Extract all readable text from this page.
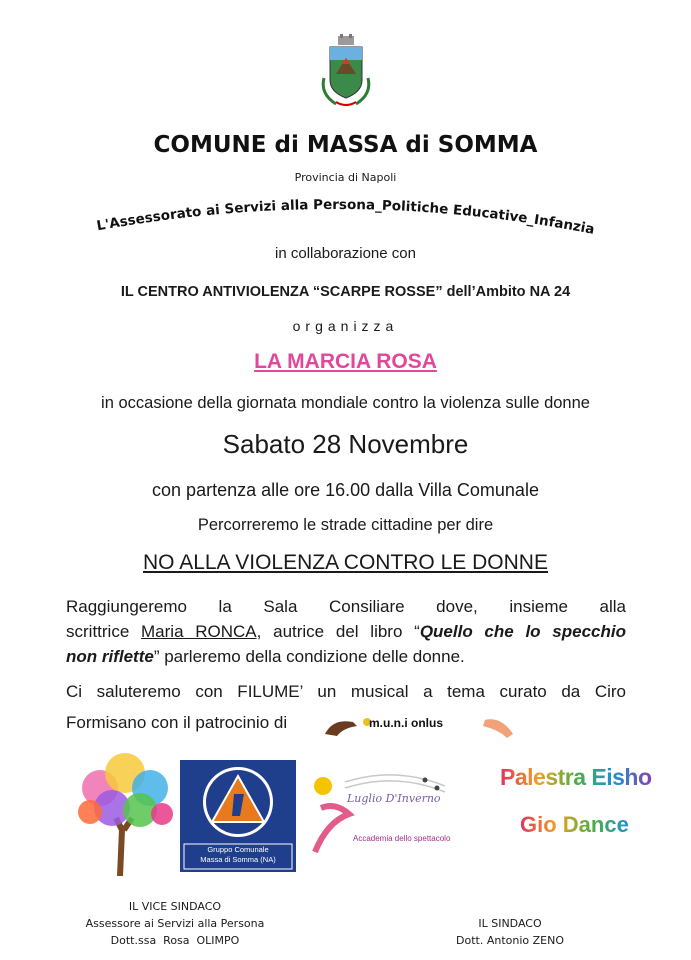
COMUNE di MASSA di SOMMA
Provincia di Napoli
L'Assessorato ai Servizi alla Persona_Politiche Educative_Infanzia
in collaborazione con
IL CENTRO ANTIVIOLENZA “SCARPE ROSSE” dell’Ambito NA 24
organizza
LA MARCIA ROSA
in occasione della giornata mondiale contro la violenza sulle donne
Sabato 28 Novembre
con partenza alle ore 16.00 dalla Villa Comunale
Percorreremo le strade cittadine per dire
NO ALLA VIOLENZA CONTRO LE DONNE
Raggiungeremo la Sala Consiliare dove, insieme alla
scrittrice Maria RONCA, autrice del libro “Quello che lo specchio
non riflette” parleremo della condizione delle donne.
Ci saluteremo con FILUME’ un musical a tema curato da Ciro
Formisano con il patrocinio di	m.u.n.i onlus
Gruppo Comunale
Massa di Somma (NA)
Luglio D'Inverno
Accademia dello spettacolo
Palestra Eisho
Gio Dance
IL VICE SINDACO
Assessore ai Servizi alla Persona
Dott.ssa  Rosa  OLIMPO
IL SINDACO
Dott. Antonio ZENO
